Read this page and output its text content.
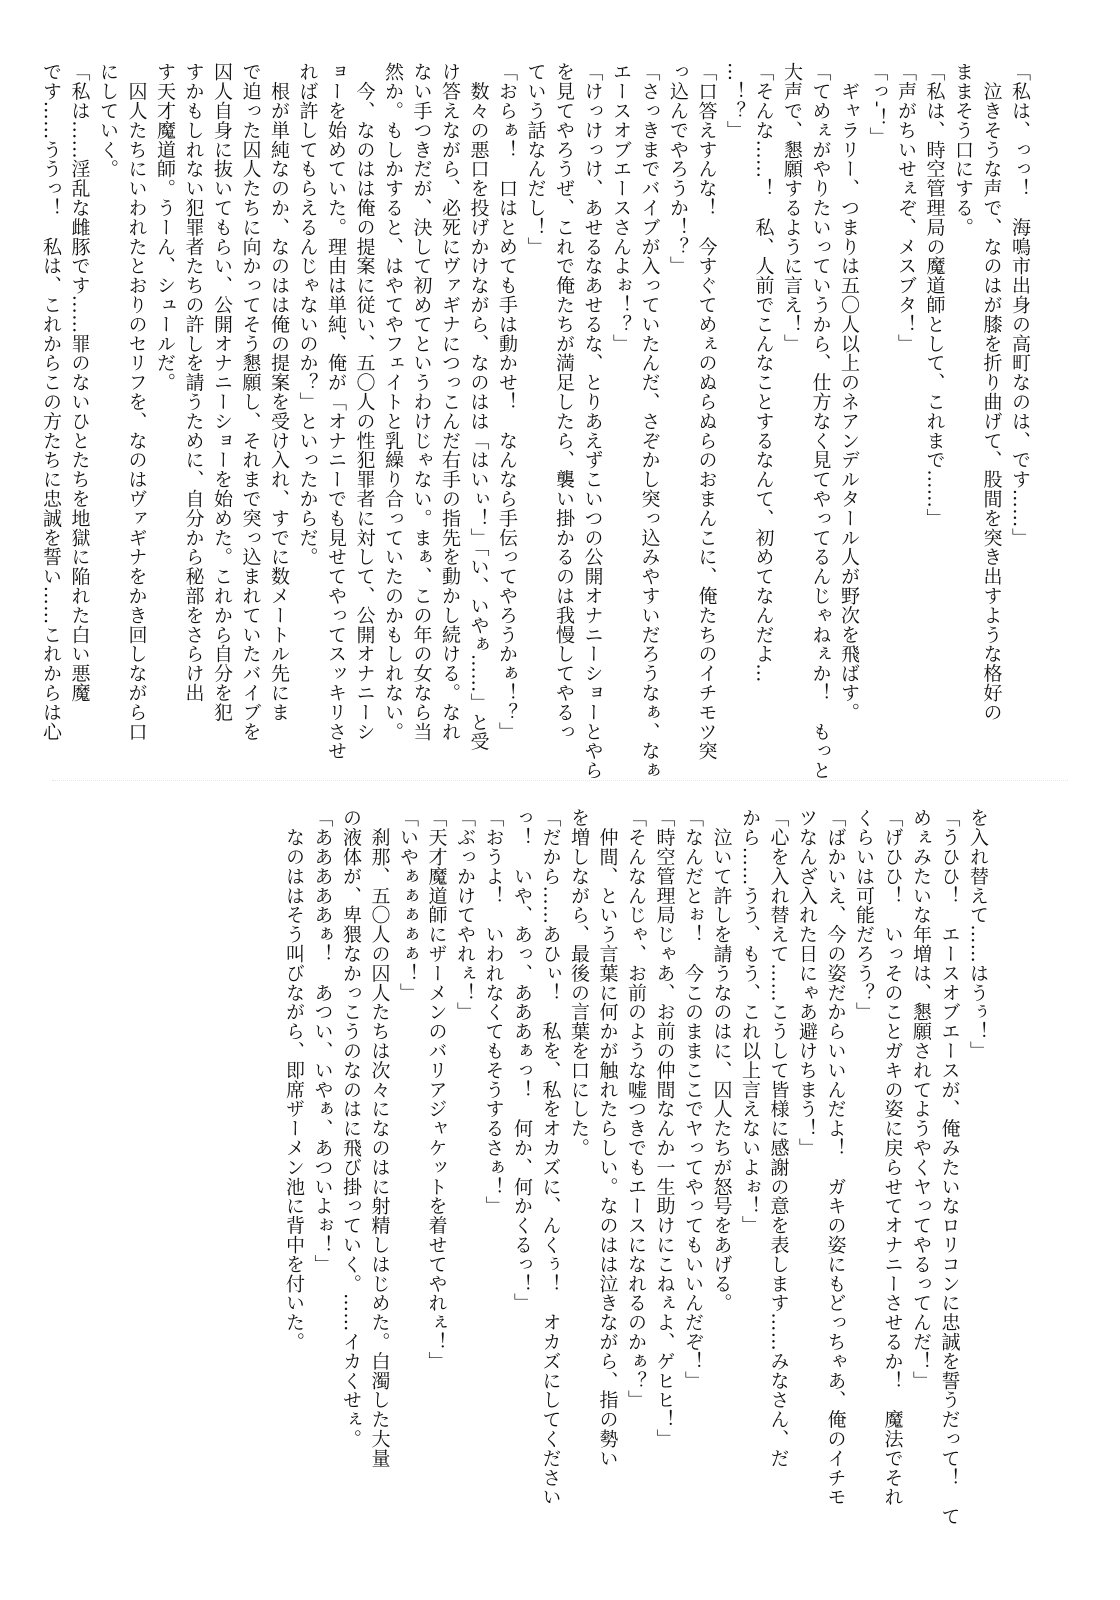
「私は、っっ！　海鳴市出身の高町なのは、です……」
　泣きそうな声で、なのはが膝を折り曲げて、股間を突き出すような格好の
ままそう口にする。
「私は、時空管理局の魔道師として、これまで……」
「声がちいせぇぞ、メスブタ！」
「っ-！」
　ギャラリー、つまりは五〇人以上のネアンデルタール人が野次を飛ばす。
「てめぇがやりたいっていうから、仕方なく見てやってるんじゃねぇか！　もっと
大声で、懇願するように言え！」
「そんな……！　私、人前でこんなことするなんて、初めてなんだよ…
…！？」
「口答えすんな！　今すぐてめぇのぬらぬらのおまんこに、俺たちのイチモツ突
っ込んでやろうか！？」
「さっきまでバイブが入っていたんだ、さぞかし突っ込みやすいだろうなぁ、なぁ
エースオブエースさんよぉ！？」
「けっけっけ、あせるなあせるな、とりあえずこいつの公開オナニーショーとやら
を見てやろうぜ、これで俺たちが満足したら、襲い掛かるのは我慢してやるっ
ていう話なんだし！」
「おらぁ！　口はとめても手は動かせ！　なんなら手伝ってやろうかぁ！？」
　数々の悪口を投げかけながら、なのはは「はいぃ！」「い、いやぁ……」と受
け答えながら、必死にヴァギナにつっこんだ右手の指先を動かし続ける。なれ
ない手つきだが、決して初めてというわけじゃない。まぁ、この年の女なら当
然か。もしかすると、はやてやフェイトと乳繰り合っていたのかもしれない。
　今、なのはは俺の提案に従い、五〇人の性犯罪者に対して、公開オナニーシ
ョーを始めていた。理由は単純、俺が「オナニーでも見せてやってスッキリさせ
れば許してもらえるんじゃないのか？」といったからだ。
　根が単純なのか、なのはは俺の提案を受け入れ、すでに数メートル先にま
で迫った囚人たちに向かってそう懇願し、それまで突っ込まれていたバイブを
囚人自身に抜いてもらい、公開オナニーショーを始めた。これから自分を犯
すかもしれない犯罪者たちの許しを請うために、自分から秘部をさらけ出
す天才魔道師。うーん、シュールだ。
　囚人たちにいわれたとおりのセリフを、なのはヴァギナをかき回しながら口
にしていく。
「私は……淫乱な雌豚です……罪のないひとたちを地獄に陥れた白い悪魔
です……ううっ！　私は、これからこの方たちに忠誠を誓い……これからは心
を入れ替えて……はうぅ！」
「うひひ！　エースオブエースが、俺みたいなロリコンに忠誠を誓うだって！　て
めぇみたいな年増は、懇願されてようやくヤってやるってんだ！」
「げひひ！　いっそのことガキの姿に戻らせてオナニーさせるか！　魔法でそれ
くらいは可能だろう？」
「ばかいえ、今の姿だからいいんだよ！　ガキの姿にもどっちゃあ、俺のイチモ
ツなんざ入れた日にゃあ避けちまう！」
「心を入れ替えて……こうして皆様に感謝の意を表します……みなさん、だ
から……うう、もう、これ以上言えないよぉ！」
　泣いて許しを請うなのはに、囚人たちが怒号をあげる。
「なんだとぉ！　今このままここでヤってやってもいいんだぞ！」
「時空管理局じゃあ、お前の仲間なんか一生助けにこねぇよ、ゲヒヒ！」
「そんなんじゃ、お前のような嘘つきでもエースになれるのかぁ？」
　仲間、という言葉に何かが触れたらしい。なのはは泣きながら、指の勢い
を増しながら、最後の言葉を口にした。
「だから……あひぃ！　私を、私をオカズに、んくぅ！　オカズにしてください
っ！　いや、あっ、あああぁっ！　何か、何かくるっ！」
「おうよ！　いわれなくてもそうするさぁ！」
「ぶっかけてやれぇ！」
「天才魔道師にザーメンのバリアジャケットを着せてやれぇ！」
「いやぁぁぁぁぁ！」
　刹那、五〇人の囚人たちは次々になのはに射精しはじめた。白濁した大量
の液体が、卑猥なかっこうのなのはに飛び掛っていく。……イカくせぇ。
「あああああぁ！　あつい、いやぁ、あついよぉ！」
　なのははそう叫びながら、即席ザーメン池に背中を付いた。
